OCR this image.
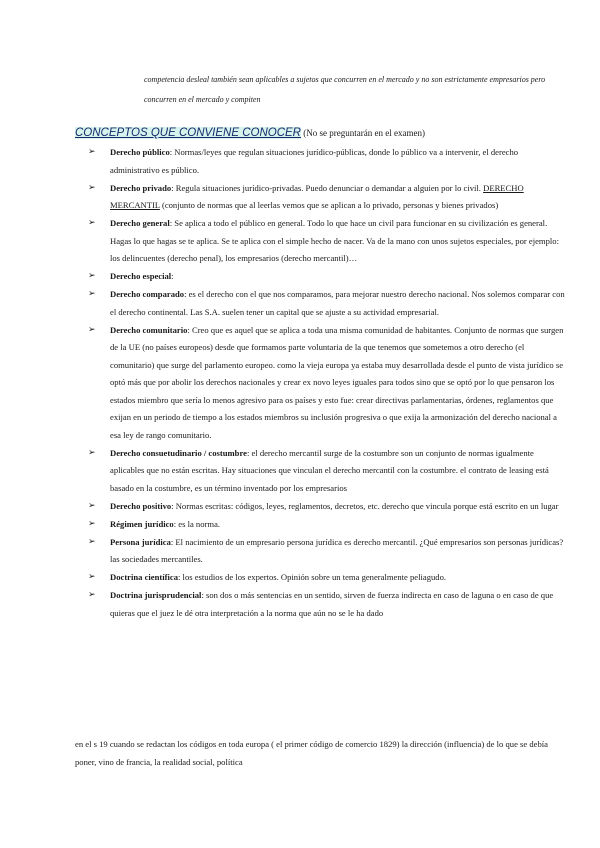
competencia desleal también sean aplicables a sujetos que concurren en el mercado y no son estrictamente empresarios pero concurren en el mercado y compiten
CONCEPTOS QUE CONVIENE CONOCER (No se preguntarán en el examen)
➢	Derecho público: Normas/leyes que regulan situaciones jurídico-públicas, donde lo público va a intervenir, el derecho administrativo es público.
➢	Derecho privado: Regula situaciones jurídico-privadas. Puedo denunciar o demandar a alguien por lo civil. DERECHO MERCANTIL (conjunto de normas que al leerlas vemos que se aplican a lo privado, personas y bienes privados)
➢	Derecho general: Se aplica a todo el público en general. Todo lo que hace un civil para funcionar en su civilización es general. Hagas lo que hagas se te aplica. Se te aplica con el simple hecho de nacer. Va de la mano con unos sujetos especiales, por ejemplo: los delincuentes (derecho penal), los empresarios (derecho mercantil)…
➢	Derecho especial:
➢	Derecho comparado: es el derecho con el que nos comparamos, para mejorar nuestro derecho nacional. Nos solemos comparar con el derecho continental. Las S.A. suelen tener un capital que se ajuste a su actividad empresarial.
➢	Derecho comunitario: Creo que es aquel que se aplica a toda una misma comunidad de habitantes. Conjunto de normas que surgen de la UE (no países europeos) desde que formamos parte voluntaria de la que tenemos que sometemos a otro derecho (el comunitario) que surge del parlamento europeo. como la vieja europa ya estaba muy desarrollada desde el punto de vista jurídico se optó más que por abolir los derechos nacionales y crear ex novo leyes iguales para todos sino que se optó por lo que pensaron los estados miembro que sería lo menos agresivo para os países y esto fue: crear directivas parlamentarias, órdenes, reglamentos que exijan en un periodo de tiempo a los estados miembros su inclusión progresiva o que exija la armonización del derecho nacional a esa ley de rango comunitario.
➢	Derecho consuetudinario / costumbre: el derecho mercantil surge de la costumbre son un conjunto de normas igualmente aplicables que no están escritas. Hay situaciones que vinculan el derecho mercantil con la costumbre. el contrato de leasing está basado en la costumbre, es un término inventado por los empresarios
➢	Derecho positivo: Normas escritas: códigos, leyes, reglamentos, decretos, etc. derecho que vincula porque está escrito en un lugar
➢	Régimen jurídico: es la norma.
➢	Persona jurídica: El nacimiento de un empresario persona jurídica es derecho mercantil. ¿Qué empresarios son personas jurídicas? las sociedades mercantiles.
➢	Doctrina científica: los estudios de los expertos. Opinión sobre un tema generalmente peliagudo.
➢	Doctrina jurisprudencial: son dos o más sentencias en un sentido, sirven de fuerza indirecta en caso de laguna o en caso de que quieras que el juez le dé otra interpretación a la norma que aún no se le ha dado
en el s 19 cuando se redactan los códigos en toda europa ( el primer código de comercio 1829) la dirección (influencia) de lo que se debía poner, vino de francia, la realidad social, política
